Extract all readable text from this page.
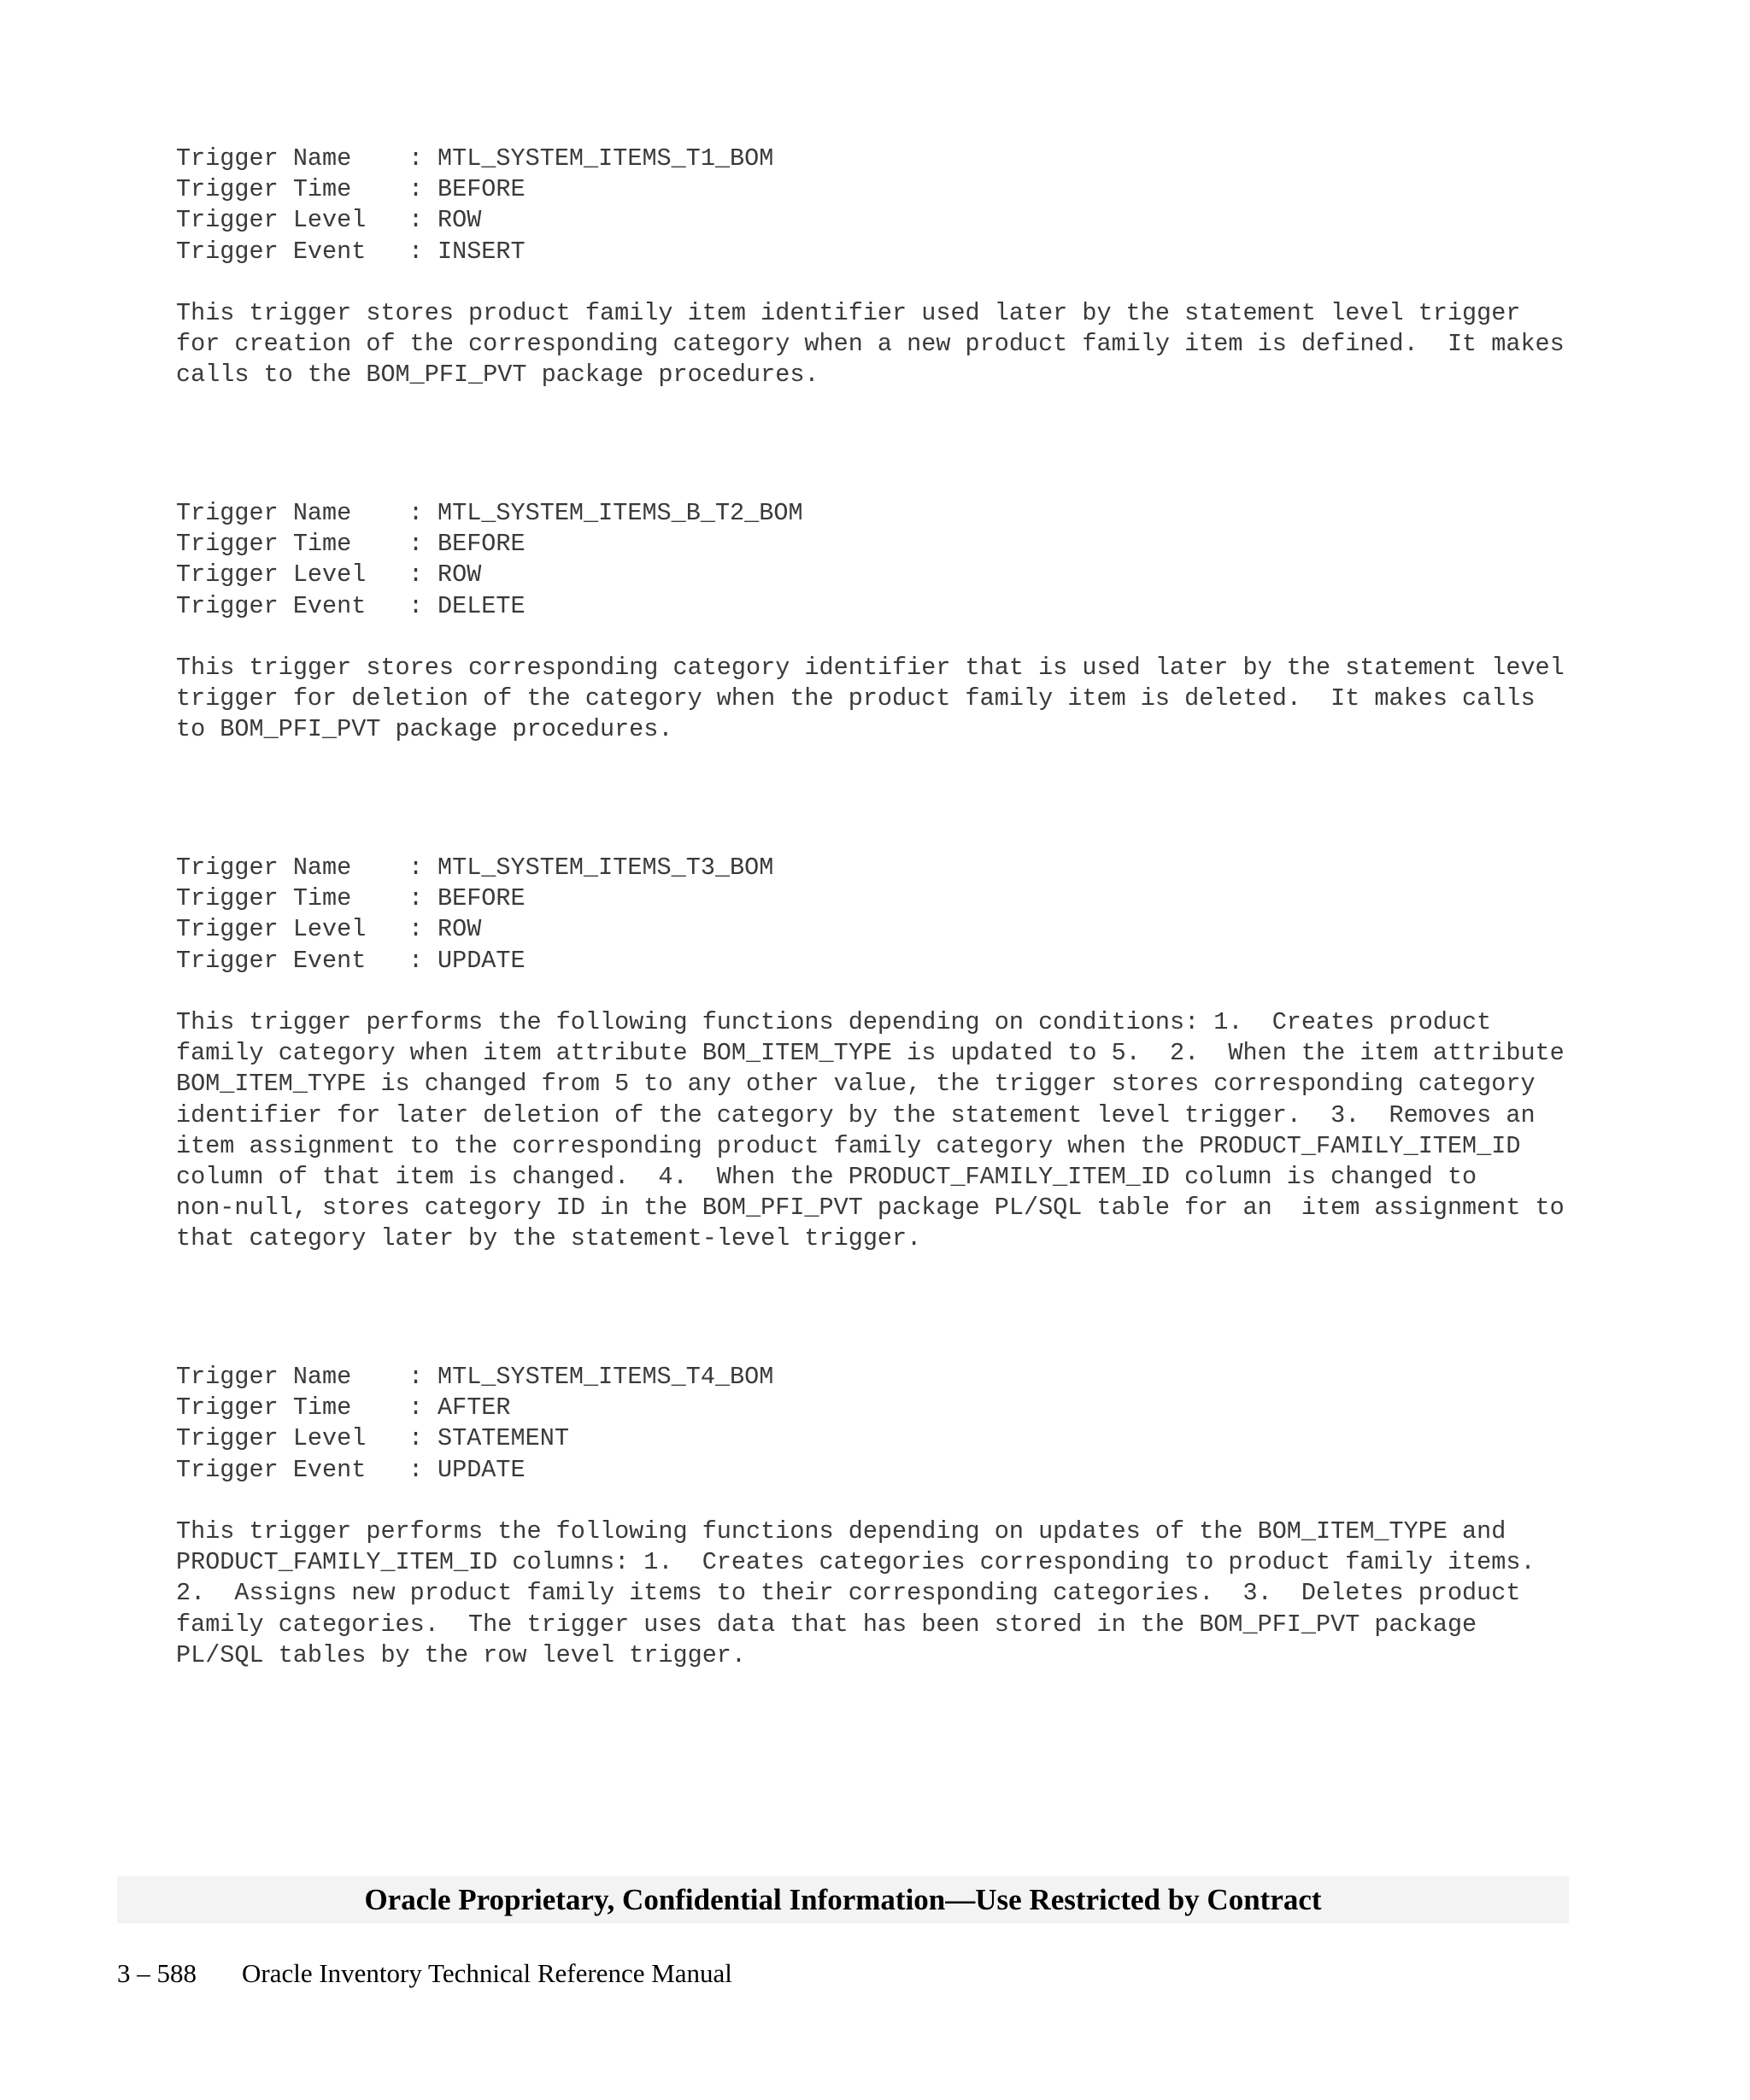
Trigger Name	: MTL_SYSTEM_ITEMS_T1_BOM
Trigger Time	: BEFORE
Trigger Level	: ROW
Trigger Event	: INSERT
This trigger stores product family item identifier used later by the statement level trigger
for creation of the corresponding category when a new product family item is defined.  It makes
calls to the BOM_PFI_PVT package procedures.
Trigger Name	: MTL_SYSTEM_ITEMS_B_T2_BOM
Trigger Time	: BEFORE
Trigger Level	: ROW
Trigger Event	: DELETE
This trigger stores corresponding category identifier that is used later by the statement level
trigger for deletion of the category when the product family item is deleted.  It makes calls
to BOM_PFI_PVT package procedures.
Trigger Name	: MTL_SYSTEM_ITEMS_T3_BOM
Trigger Time	: BEFORE
Trigger Level	: ROW
Trigger Event	: UPDATE
This trigger performs the following functions depending on conditions: 1.  Creates product
family category when item attribute BOM_ITEM_TYPE is updated to 5.  2.  When the item attribute
BOM_ITEM_TYPE is changed from 5 to any other value, the trigger stores corresponding category
identifier for later deletion of the category by the statement level trigger.  3.  Removes an
item assignment to the corresponding product family category when the PRODUCT_FAMILY_ITEM_ID
column of that item is changed.  4.  When the PRODUCT_FAMILY_ITEM_ID column is changed to
non-null, stores category ID in the BOM_PFI_PVT package PL/SQL table for an  item assignment to
that category later by the statement-level trigger.
Trigger Name	: MTL_SYSTEM_ITEMS_T4_BOM
Trigger Time	: AFTER
Trigger Level	: STATEMENT
Trigger Event	: UPDATE
This trigger performs the following functions depending on updates of the BOM_ITEM_TYPE and
PRODUCT_FAMILY_ITEM_ID columns: 1.  Creates categories corresponding to product family items.
2.  Assigns new product family items to their corresponding categories.  3.  Deletes product
family categories.  The trigger uses data that has been stored in the BOM_PFI_PVT package
PL/SQL tables by the row level trigger.
Oracle Proprietary, Confidential Information––Use Restricted by Contract
3 – 588	Oracle Inventory Technical Reference Manual
